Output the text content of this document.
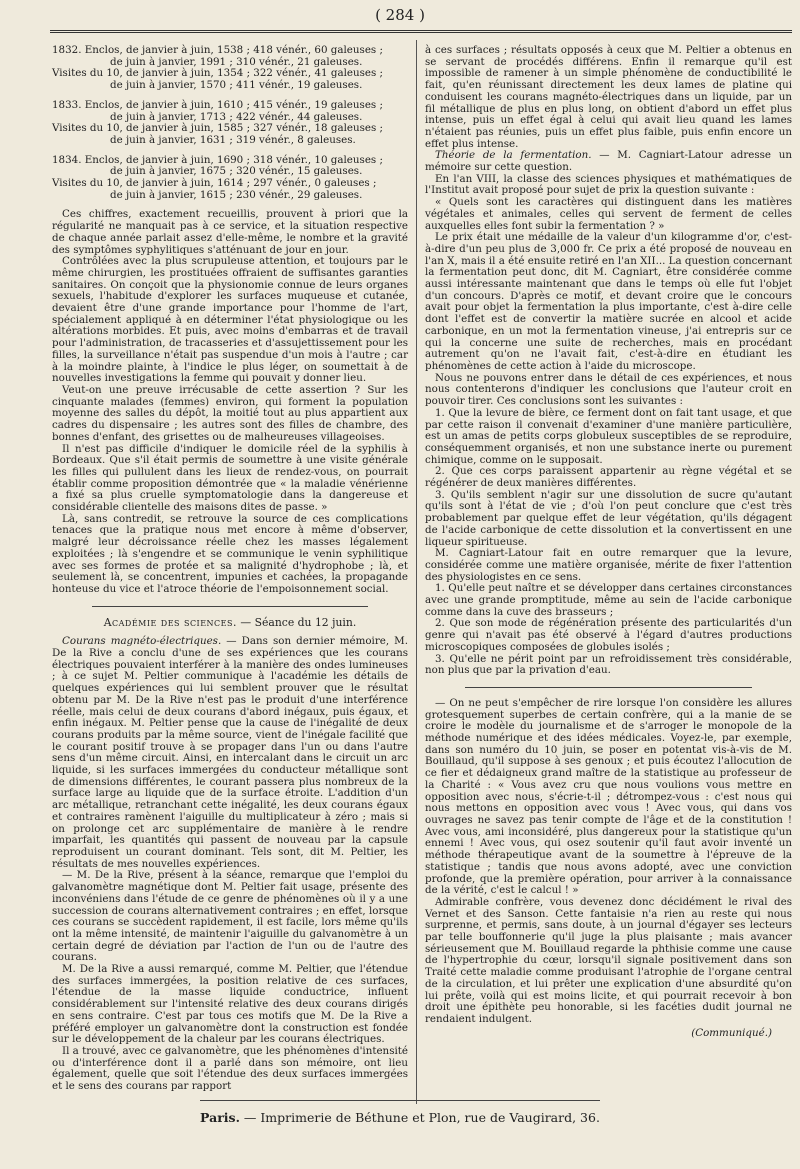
( 284 )
1832. Enclos, de janvier à juin, 1538 ; 418 vénér., 60 galeuses ;
de juin à janvier, 1991 ; 310 vénér., 21 galeuses.
Visites du 10, de janvier à juin, 1354 ; 322 vénér., 41 galeuses ;
de juin à janvier, 1570 ; 411 vénér., 19 galeuses.
1833. Enclos, de janvier à juin, 1610 ; 415 vénér., 19 galeuses ;
de juin à janvier, 1713 ; 422 vénér., 44 galeuses.
Visites du 10, de janvier à juin, 1585 ; 327 vénér., 18 galeuses ;
de juin à janvier, 1631 ; 319 vénér., 8 galeuses.
1834. Enclos, de janvier à juin, 1690 ; 318 vénér., 10 galeuses ;
de juin à janvier, 1675 ; 320 vénér., 15 galeuses.
Visites du 10, de janvier à juin, 1614 ; 297 vénér., 0 galeuses ;
de juin à janvier, 1615 ; 230 vénér., 29 galeuses.

Ces chiffres, exactement recueillis, prouvent à priori que la régularité ne manquait pas à ce service, et la situation respective de chaque année parlait assez d'elle-même, le nombre et la gravité des symptômes syphylitiques s'atténuant de jour en jour.

Contrôlées avec la plus scrupuleuse attention, et toujours par le même chirurgien, les prostituées offraient de suffisantes garanties sanitaires. On conçoit que la physionomie connue de leurs organes sexuels, l'habitude d'explorer les surfaces muqueuse et cutanée, devaient être d'une grande importance pour l'homme de l'art, spécialement appliqué à en déterminer l'état physiologique ou les altérations morbides. Et puis, avec moins d'embarras et de travail pour l'administration, de tracasseries et d'assujettissement pour les filles, la surveillance n'était pas suspendue d'un mois à l'autre ; car à la moindre plainte, à l'indice le plus léger, on soumettait à de nouvelles investigations la femme qui pouvait y donner lieu.

Veut-on une preuve irrécusable de cette assertion ? Sur les cinquante malades (femmes) environ, qui forment la population moyenne des salles du dépôt, la moitié tout au plus appartient aux cadres du dispensaire ; les autres sont des filles de chambre, des bonnes d'enfant, des grisettes ou de malheureuses villageoises.

Il n'est pas difficile d'indiquer le domicile réel de la syphilis à Bordeaux. Que s'il était permis de soumettre à une visite générale les filles qui pullulent dans les lieux de rendez-vous, on pourrait établir comme proposition démontrée que « la maladie vénérienne a fixé sa plus cruelle symptomatologie dans la dangereuse et considérable clientelle des maisons dites de passe. »

Là, sans contredit, se retrouve la source de ces complications tenaces que la pratique nous met encore à même d'observer, malgré leur décroissance réelle chez les masses légalement exploitées ; là s'engendre et se communique le venin syphilitique avec ses formes de protée et sa malignité d'hydrophobe ; là, et seulement là, se concentrent, impunies et cachées, la propagande honteuse du vice et l'atroce théorie de l'empoisonnement social.

Académie des sciences. — Séance du 12 juin.

Courans magnéto-électriques. — Dans son dernier mémoire, M. De la Rive a conclu d'une de ses expériences que les courans électriques pouvaient interférer à la manière des ondes lumineuses ; à ce sujet M. Peltier communique à l'académie les détails de quelques expériences qui lui semblent prouver que le résultat obtenu par M. De la Rive n'est pas le produit d'une interférence réelle, mais celui de deux courans d'abord inégaux, puis égaux, et enfin inégaux. M. Peltier pense que la cause de l'inégalité de deux courans produits par la même source, vient de l'inégale facilité que le courant positif trouve à se propager dans l'un ou dans l'autre sens d'un même circuit. Ainsi, en intercalant dans le circuit un arc liquide, si les surfaces immergées du conducteur métallique sont de dimensions différentes, le courant passera plus nombreux de la surface large au liquide que de la surface étroite. L'addition d'un arc métallique, retranchant cette inégalité, les deux courans égaux et contraires ramènent l'aiguille du multiplicateur à zéro ; mais si on prolonge cet arc supplémentaire de manière à le rendre imparfait, les quantités qui passent de nouveau par la capsule reproduisent un courant dominant. Tels sont, dit M. Peltier, les résultats de mes nouvelles expériences.

— M. De la Rive, présent à la séance, remarque que l'emploi du galvanomètre magnétique dont M. Peltier fait usage, présente des inconvéniens dans l'étude de ce genre de phénomènes où il y a une succession de courans alternativement contraires ; en effet, lorsque ces courans se succèdent rapidement, il est facile, lors même qu'ils ont la même intensité, de maintenir l'aiguille du galvanomètre à un certain degré de déviation par l'action de l'un ou de l'autre des courans.

M. De la Rive a aussi remarqué, comme M. Peltier, que l'étendue des surfaces immergées, la position relative de ces surfaces, l'étendue de la masse liquide conductrice, influent considérablement sur l'intensité relative des deux courans dirigés en sens contraire. C'est par tous ces motifs que M. De la Rive a préféré employer un galvanomètre dont la construction est fondée sur le développement de la chaleur par les courans électriques.

Il a trouvé, avec ce galvanomètre, que les phénomènes d'intensité ou d'interférence dont il a parlé dans son mémoire, ont lieu également, quelle que soit l'étendue des deux surfaces immergées et le sens des courans par rapport

à ces surfaces ; résultats opposés à ceux que M. Peltier a obtenus en se servant de procédés différens. Enfin il remarque qu'il est impossible de ramener à un simple phénomène de conductibilité le fait, qu'en réunissant directement les deux lames de platine qui conduisent les courans magnéto-électriques dans un liquide, par un fil métallique de plus en plus long, on obtient d'abord un effet plus intense, puis un effet égal à celui qui avait lieu quand les lames n'étaient pas réunies, puis un effet plus faible, puis enfin encore un effet plus intense.

Théorie de la fermentation. — M. Cagniart-Latour adresse un mémoire sur cette question.

En l'an VIII, la classe des sciences physiques et mathématiques de l'Institut avait proposé pour sujet de prix la question suivante :

« Quels sont les caractères qui distinguent dans les matières végétales et animales, celles qui servent de ferment de celles auxquelles elles font subir la fermentation ? »

Le prix était une médaille de la valeur d'un kilogramme d'or, c'est-à-dire d'un peu plus de 3,000 fr. Ce prix a été proposé de nouveau en l'an X, mais il a été ensuite retiré en l'an XII... La question concernant la fermentation peut donc, dit M. Cagniart, être considérée comme aussi intéressante maintenant que dans le temps où elle fut l'objet d'un concours. D'après ce motif, et devant croire que le concours avait pour objet la fermentation la plus importante, c'est à-dire celle dont l'effet est de convertir la matière sucrée en alcool et acide carbonique, en un mot la fermentation vineuse, j'ai entrepris sur ce qui la concerne une suite de recherches, mais en procédant autrement qu'on ne l'avait fait, c'est-à-dire en étudiant les phénomènes de cette action à l'aide du microscope.

Nous ne pouvons entrer dans le détail de ces expériences, et nous nous contenterons d'indiquer les conclusions que l'auteur croit en pouvoir tirer. Ces conclusions sont les suivantes :

1. Que la levure de bière, ce ferment dont on fait tant usage, et que par cette raison il convenait d'examiner d'une manière particulière, est un amas de petits corps globuleux susceptibles de se reproduire, conséquemment organisés, et non une substance inerte ou purement chimique, comme on le supposait.

2. Que ces corps paraissent appartenir au règne végétal et se régénérer de deux manières différentes.

3. Qu'ils semblent n'agir sur une dissolution de sucre qu'autant qu'ils sont à l'état de vie ; d'où l'on peut conclure que c'est très probablement par quelque effet de leur végétation, qu'ils dégagent de l'acide carbonique de cette dissolution et la convertissent en une liqueur spiritueuse.

M. Cagniart-Latour fait en outre remarquer que la levure, considérée comme une matière organisée, mérite de fixer l'attention des physiologistes en ce sens.

1. Qu'elle peut naître et se développer dans certaines circonstances avec une grande promptitude, même au sein de l'acide carbonique comme dans la cuve des brasseurs ;

2. Que son mode de régénération présente des particularités d'un genre qui n'avait pas été observé à l'égard d'autres productions microscopiques composées de globules isolés ;

3. Qu'elle ne périt point par un refroidissement très considérable, non plus que par la privation d'eau.

— On ne peut s'empêcher de rire lorsque l'on considère les allures grotesquement superbes de certain confrère, qui a la manie de se croire le modèle du journalisme et de s'arroger le monopole de la méthode numérique et des idées médicales. Voyez-le, par exemple, dans son numéro du 10 juin, se poser en potentat vis-à-vis de M. Bouillaud, qu'il suppose à ses genoux ; et puis écoutez l'allocution de ce fier et dédaigneux grand maître de la statistique au professeur de la Charité : « Vous avez cru que nous voulions vous mettre en opposition avec nous, s'écrie-t-il ; détrompez-vous : c'est nous qui nous mettons en opposition avec vous ! Avec vous, qui dans vos ouvrages ne savez pas tenir compte de l'âge et de la constitution ! Avec vous, ami inconsidéré, plus dangereux pour la statistique qu'un ennemi ! Avec vous, qui osez soutenir qu'il faut avoir inventé un méthode thérapeutique avant de la soumettre à l'épreuve de la statistique ; tandis que nous avons adopté, avec une conviction profonde, que la première opération, pour arriver à la connaissance de la vérité, c'est le calcul ! »

Admirable confrère, vous devenez donc décidément le rival des Vernet et des Sanson. Cette fantaisie n'a rien au reste qui nous surprenne, et permis, sans doute, à un journal d'égayer ses lecteurs par telle bouffonnerie qu'il juge la plus plaisante ; mais avancer sérieusement que M. Bouillaud regarde la phthisie comme une cause de l'hypertrophie du cœur, lorsqu'il signale positivement dans son Traité cette maladie comme produisant l'atrophie de l'organe central de la circulation, et lui prêter une explication d'une absurdité qu'on lui prête, voilà qui est moins licite, et qui pourrait recevoir à bon droit une épithète peu honorable, si les facéties dudit journal ne rendaient indulgent.

(Communiqué.)
Paris. — Imprimerie de Béthune et Plon, rue de Vaugirard, 36.
